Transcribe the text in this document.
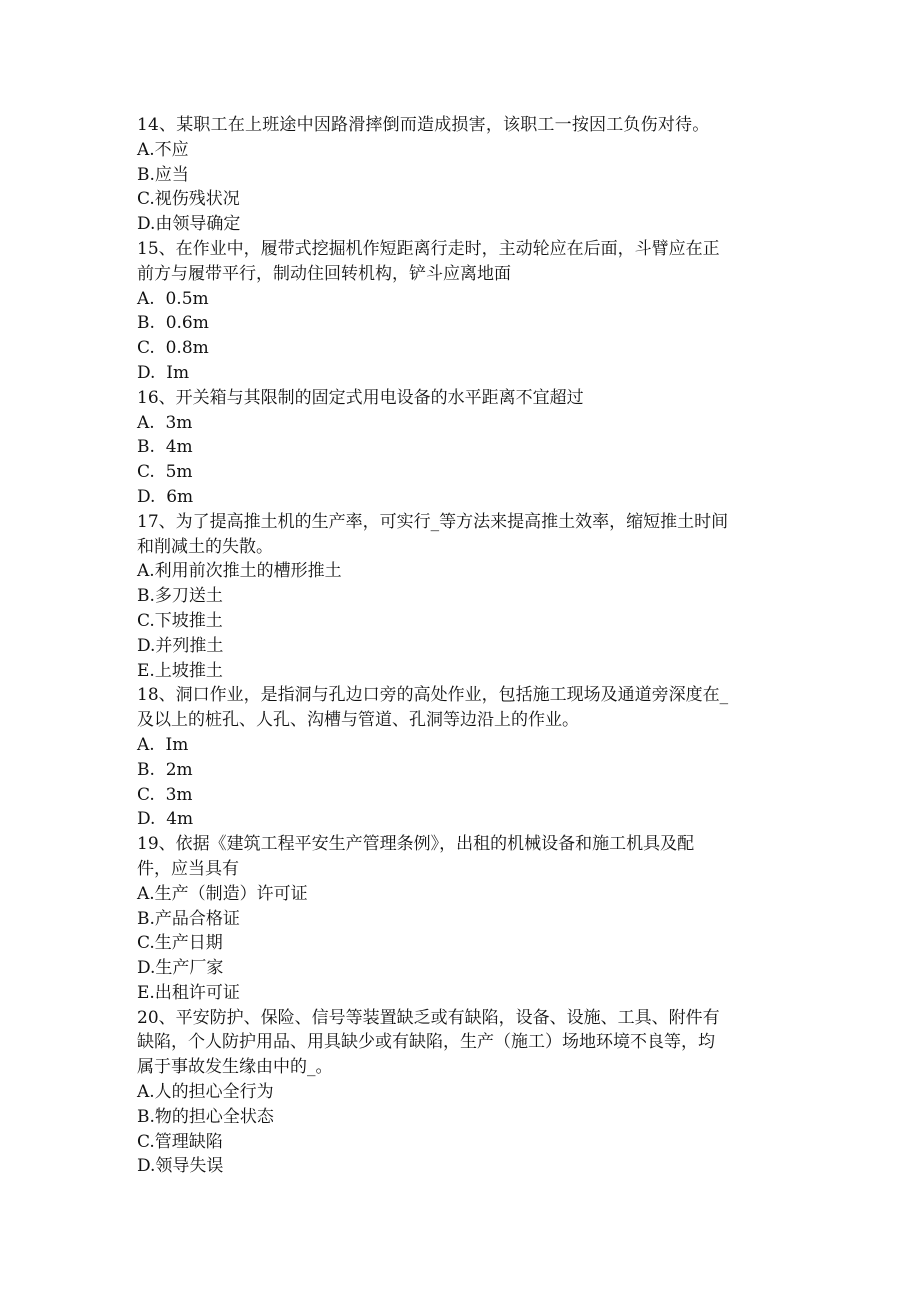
14、某职工在上班途中因路滑摔倒而造成损害，该职工一按因工负伤对待。
A.不应
B.应当
C.视伤残状况
D.由领导确定
15、在作业中，履带式挖掘机作短距离行走时，主动轮应在后面，斗臂应在正
前方与履带平行，制动住回转机构，铲斗应离地面
A.  0.5m
B.  0.6m
C.  0.8m
D.  Im
16、开关箱与其限制的固定式用电设备的水平距离不宜超过
A.  3m
B.  4m
C.  5m
D.  6m
17、为了提高推土机的生产率，可实行_等方法来提高推土效率，缩短推土时间
和削减土的失散。
A.利用前次推土的槽形推土
B.多刀送土
C.下坡推土
D.并列推土
E.上坡推土
18、洞口作业，是指洞与孔边口旁的高处作业，包括施工现场及通道旁深度在_
及以上的桩孔、人孔、沟槽与管道、孔洞等边沿上的作业。
A.  Im
B.  2m
C.  3m
D.  4m
19、依据《建筑工程平安生产管理条例》，出租的机械设备和施工机具及配
件，应当具有
A.生产（制造）许可证
B.产品合格证
C.生产日期
D.生产厂家
E.出租许可证
20、平安防护、保险、信号等装置缺乏或有缺陷，设备、设施、工具、附件有
缺陷，个人防护用品、用具缺少或有缺陷，生产（施工）场地环境不良等，均
属于事故发生缘由中的_。
A.人的担心全行为
B.物的担心全状态
C.管理缺陷
D.领导失误
